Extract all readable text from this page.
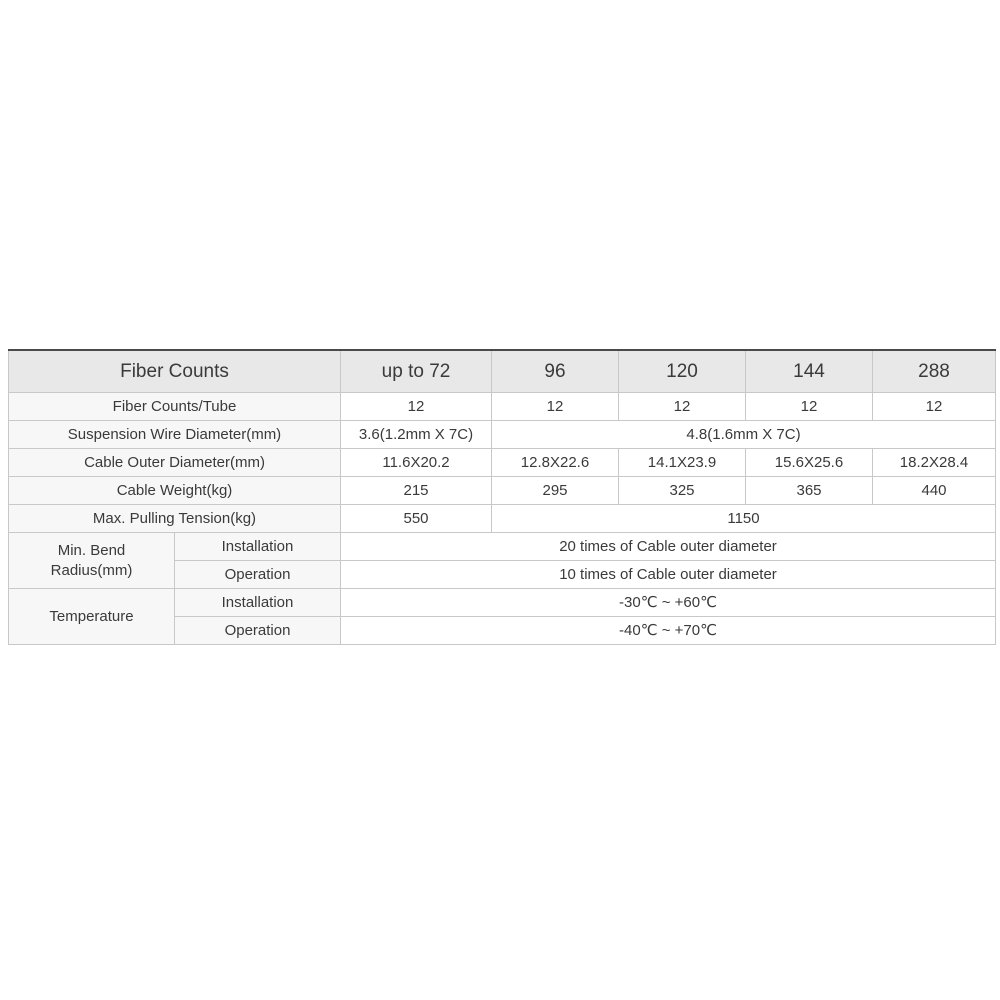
Fiber Counts		up to 72	96	120	144	288
Fiber Counts/Tube		12	12	12	12	12
Suspension Wire Diameter(mm)		3.6(1.2mm X 7C)	4.8(1.6mm X 7C)			
Cable Outer Diameter(mm)		11.6X20.2	12.8X22.6	14.1X23.9	15.6X25.6	18.2X28.4
Cable Weight(kg)		215	295	325	365	440
Max. Pulling Tension(kg)		550	1150			
Min. Bend
Radius(mm)	Installation	20 times of Cable outer diameter				
	Operation	10 times of Cable outer diameter				
Temperature	Installation	-30℃ ~ +60℃				
	Operation	-40℃ ~ +70℃				
